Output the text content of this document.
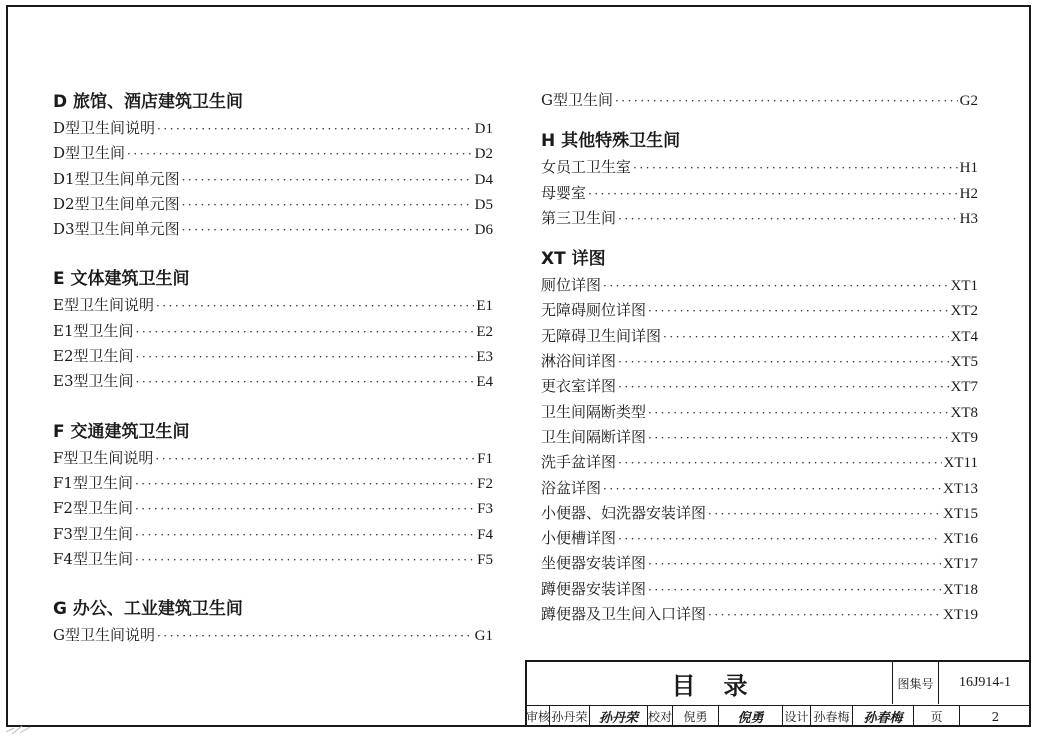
D 旅馆、酒店建筑卫生间
D型卫生间说明 ·····	D1
D型卫生间 ·····	D2
D1型卫生间单元图 ·····	D4
D2型卫生间单元图 ·····	D5
D3型卫生间单元图 ·····	D6
E 文体建筑卫生间
E型卫生间说明 ·····	E1
E1型卫生间 ·····	E2
E2型卫生间 ·····	E3
E3型卫生间 ·····	E4
F 交通建筑卫生间
F型卫生间说明 ·····	F1
F1型卫生间 ·····	F2
F2型卫生间 ·····	F3
F3型卫生间 ·····	F4
F4型卫生间 ·····	F5
G 办公、工业建筑卫生间
G型卫生间说明 ·····	G1
G型卫生间 ·····	G2
H 其他特殊卫生间
女员工卫生室 ·····	H1
母婴室 ·····	H2
第三卫生间 ·····	H3
XT 详图
厕位详图 ·····	XT1
无障碍厕位详图 ·····	XT2
无障碍卫生间详图 ·····	XT4
淋浴间详图 ·····	XT5
更衣室详图 ·····	XT7
卫生间隔断类型 ·····	XT8
卫生间隔断详图 ·····	XT9
洗手盆详图 ·····	XT11
浴盆详图 ·····	XT13
小便器、妇洗器安装详图 ·····	XT15
小便槽详图 ·····	XT16
坐便器安装详图 ·····	XT17
蹲便器安装详图 ·····	XT18
蹲便器及卫生间入口详图 ·····	XT19
目录	图集号	16J914-1
审核 孙丹荣 孙丹荣 校对 倪勇	倪勇	设计 孙春梅	孙春梅	页	2
